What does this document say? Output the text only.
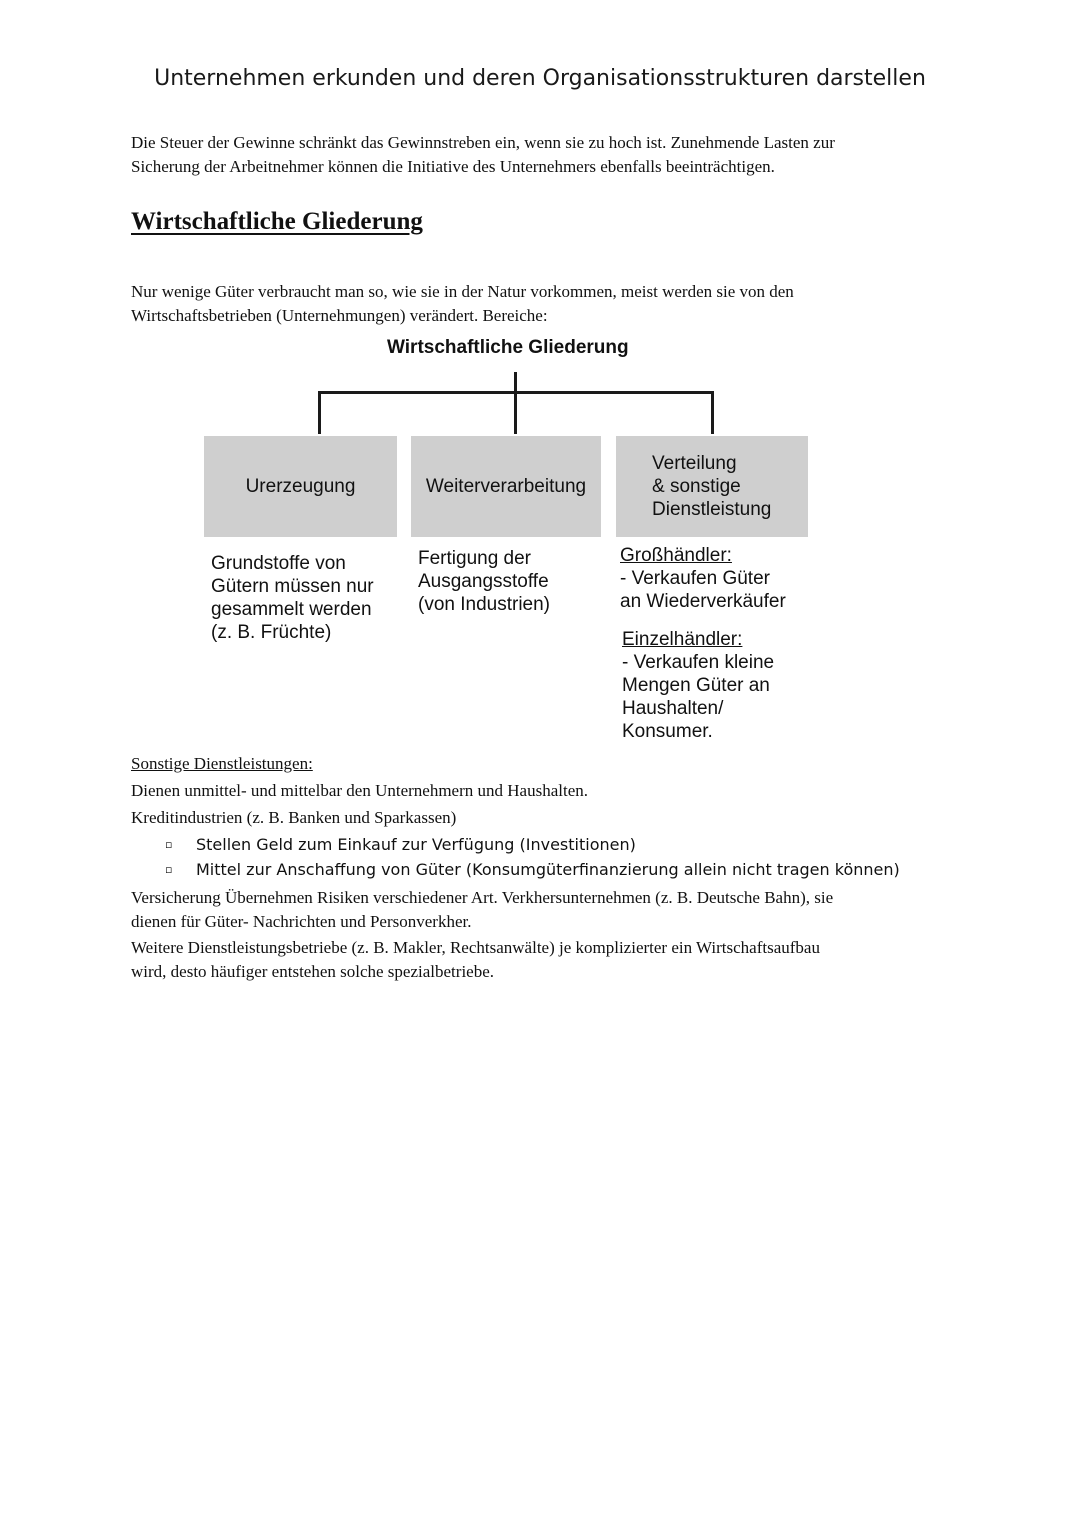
Unternehmen erkunden und deren Organisationsstrukturen darstellen
Die Steuer der Gewinne schränkt das Gewinnstreben ein, wenn sie zu hoch ist. Zunehmende Lasten zur
Sicherung der Arbeitnehmer können die Initiative des Unternehmers ebenfalls beeinträchtigen.
Wirtschaftliche Gliederung
Nur wenige Güter verbraucht man so, wie sie in der Natur vorkommen, meist werden sie von den
Wirtschaftsbetrieben (Unternehmungen) verändert. Bereiche:
Wirtschaftliche Gliederung
Urerzeugung	Weiterverarbeitung
Verteilung
& sonstige
Dienstleistung
Grundstoffe von
Gütern müssen nur
gesammelt werden
(z. B. Früchte)
Fertigung der
Ausgangsstoffe
(von Industrien)
Großhändler:
- Verkaufen Güter
an Wiederverkäufer
Einzelhändler:
- Verkaufen kleine
Mengen Güter an
Haushalten/
Konsumer.
Sonstige Dienstleistungen:
Dienen unmittel- und mittelbar den Unternehmern und Haushalten.
Kreditindustrien (z. B. Banken und Sparkassen)
▫ Stellen Geld zum Einkauf zur Verfügung (Investitionen)
▫ Mittel zur Anschaffung von Güter (Konsumgüterfinanzierung allein nicht tragen können)
Versicherung Übernehmen Risiken verschiedener Art. Verkhersunternehmen (z. B. Deutsche Bahn), sie
dienen für Güter- Nachrichten und Personverkher.
Weitere Dienstleistungsbetriebe (z. B. Makler, Rechtsanwälte) je komplizierter ein Wirtschaftsaufbau
wird, desto häufiger entstehen solche spezialbetriebe.
